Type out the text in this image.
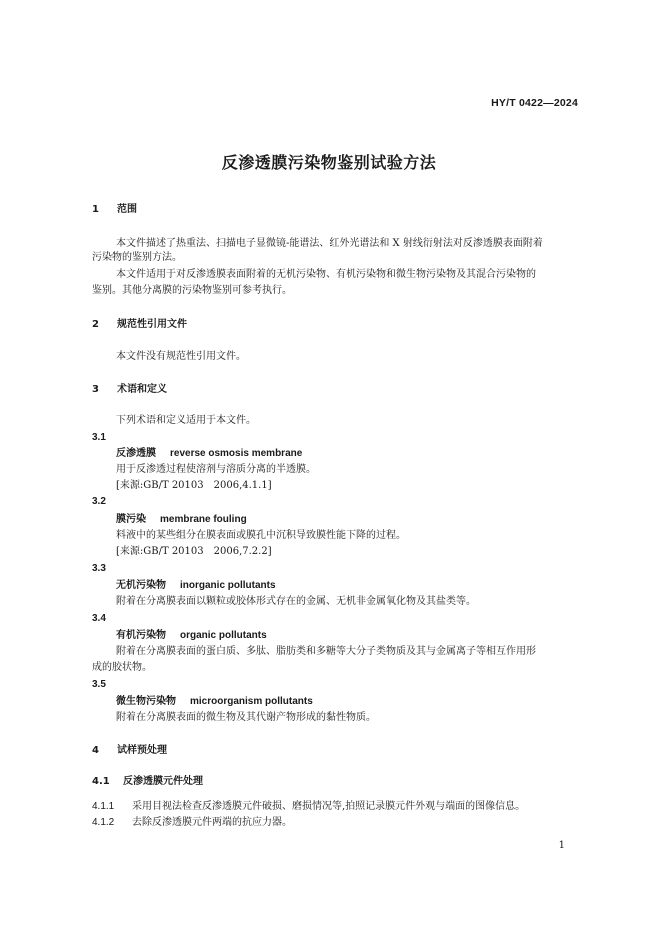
HY/T 0422—2024
反渗透膜污染物鉴别试验方法
1 范围
本文件描述了热重法、扫描电子显微镜-能谱法、红外光谱法和 X 射线衍射法对反渗透膜表面附着
污染物的鉴别方法。
本文件适用于对反渗透膜表面附着的无机污染物、有机污染物和微生物污染物及其混合污染物的
鉴别。其他分离膜的污染物鉴别可参考执行。
2 规范性引用文件
本文件没有规范性引用文件。
3 术语和定义
下列术语和定义适用于本文件。
3.1
反渗透膜 reverse osmosis membrane
用于反渗透过程使溶剂与溶质分离的半透膜。
[来源:GB/T 20103　2006,4.1.1]
3.2
膜污染 membrane fouling
料液中的某些组分在膜表面或膜孔中沉积导致膜性能下降的过程。
[来源:GB/T 20103　2006,7.2.2]
3.3
无机污染物 inorganic pollutants
附着在分离膜表面以颗粒或胶体形式存在的金属、无机非金属氧化物及其盐类等。
3.4
有机污染物 organic pollutants
附着在分离膜表面的蛋白质、多肽、脂肪类和多糖等大分子类物质及其与金属离子等相互作用形
成的胶状物。
3.5
微生物污染物 microorganism pollutants
附着在分离膜表面的微生物及其代谢产物形成的黏性物质。
4 试样预处理
4.1 反渗透膜元件处理
4.1.1 采用目视法检查反渗透膜元件破损、磨损情况等,拍照记录膜元件外观与端面的图像信息。
4.1.2 去除反渗透膜元件两端的抗应力器。
1
